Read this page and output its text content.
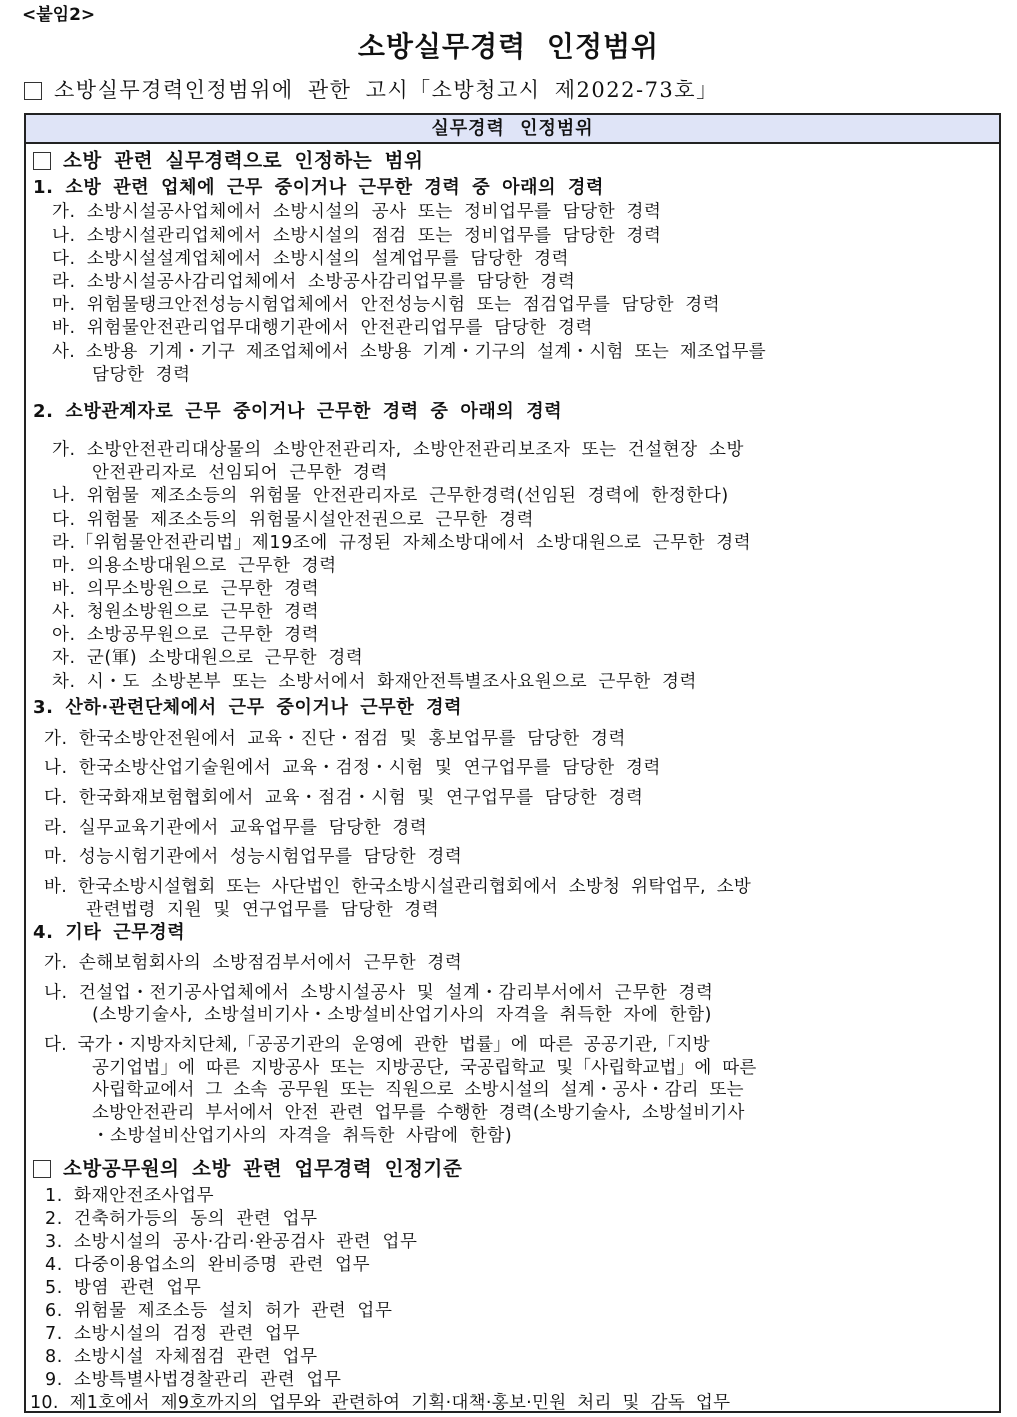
<붙임2>
소방실무경력 인정범위
소방실무경력인정범위에 관한 고시「소방청고시 제2022-73호」
실무경력 인정범위
소방 관련 실무경력으로 인정하는 범위
1. 소방 관련 업체에 근무 중이거나 근무한 경력 중 아래의 경력
가. 소방시설공사업체에서 소방시설의 공사 또는 정비업무를 담당한 경력
나. 소방시설관리업체에서 소방시설의 점검 또는 정비업무를 담당한 경력
다. 소방시설설계업체에서 소방시설의 설계업무를 담당한 경력
라. 소방시설공사감리업체에서 소방공사감리업무를 담당한 경력
마. 위험물탱크안전성능시험업체에서 안전성능시험 또는 점검업무를 담당한 경력
바. 위험물안전관리업무대행기관에서 안전관리업무를 담당한 경력
사. 소방용 기계・기구 제조업체에서 소방용 기계・기구의 설계・시험 또는 제조업무를
담당한 경력
2. 소방관계자로 근무 중이거나 근무한 경력 중 아래의 경력
가. 소방안전관리대상물의 소방안전관리자, 소방안전관리보조자 또는 건설현장 소방
안전관리자로 선임되어 근무한 경력
나. 위험물 제조소등의 위험물 안전관리자로 근무한경력(선임된 경력에 한정한다)
다. 위험물 제조소등의 위험물시설안전권으로 근무한 경력
라.「위험물안전관리법」제19조에 규정된 자체소방대에서 소방대원으로 근무한 경력
마. 의용소방대원으로 근무한 경력
바. 의무소방원으로 근무한 경력
사. 청원소방원으로 근무한 경력
아. 소방공무원으로 근무한 경력
자. 군(軍) 소방대원으로 근무한 경력
차. 시・도 소방본부 또는 소방서에서 화재안전특별조사요원으로 근무한 경력
3. 산하·관련단체에서 근무 중이거나 근무한 경력
가. 한국소방안전원에서 교육・진단・점검 및 홍보업무를 담당한 경력
나. 한국소방산업기술원에서 교육・검정・시험 및 연구업무를 담당한 경력
다. 한국화재보험협회에서 교육・점검・시험 및 연구업무를 담당한 경력
라. 실무교육기관에서 교육업무를 담당한 경력
마. 성능시험기관에서 성능시험업무를 담당한 경력
바. 한국소방시설협회 또는 사단법인 한국소방시설관리협회에서 소방청 위탁업무, 소방
관련법령 지원 및 연구업무를 담당한 경력
4. 기타 근무경력
가. 손해보험회사의 소방점검부서에서 근무한 경력
나. 건설업・전기공사업체에서 소방시설공사 및 설계・감리부서에서 근무한 경력
(소방기술사, 소방설비기사・소방설비산업기사의 자격을 취득한 자에 한함)
다. 국가・지방자치단체,「공공기관의 운영에 관한 법률」에 따른 공공기관,「지방
공기업법」에 따른 지방공사 또는 지방공단, 국공립학교 및「사립학교법」에 따른
사립학교에서 그 소속 공무원 또는 직원으로 소방시설의 설계・공사・감리 또는
소방안전관리 부서에서 안전 관련 업무를 수행한 경력(소방기술사, 소방설비기사
・소방설비산업기사의 자격을 취득한 사람에 한함)
소방공무원의 소방 관련 업무경력 인정기준
1. 화재안전조사업무
2. 건축허가등의 동의 관련 업무
3. 소방시설의 공사·감리·완공검사 관련 업무
4. 다중이용업소의 완비증명 관련 업무
5. 방염 관련 업무
6. 위험물 제조소등 설치 허가 관련 업무
7. 소방시설의 검정 관련 업무
8. 소방시설 자체점검 관련 업무
9. 소방특별사법경찰관리 관련 업무
10. 제1호에서 제9호까지의 업무와 관련하여 기획·대책·홍보·민원 처리 및 감독 업무
